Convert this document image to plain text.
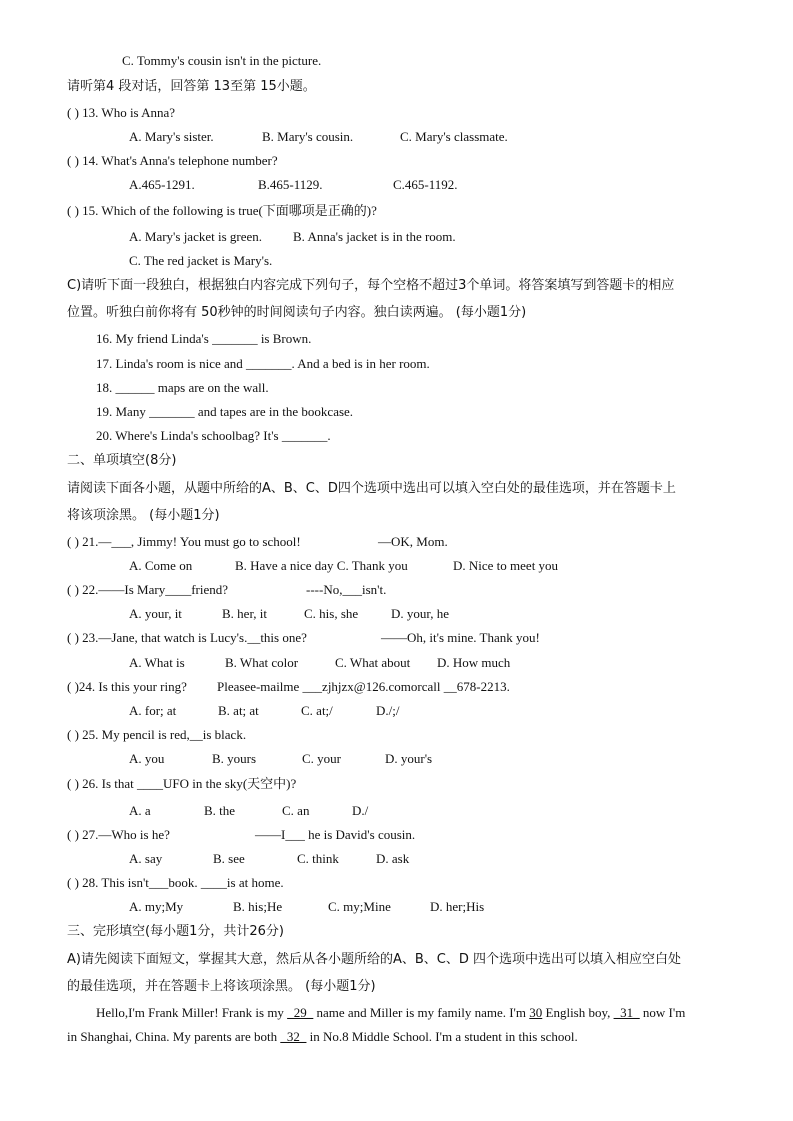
C. Tommy's cousin isn't in the picture.
请听第4 段对话，回答第 13至第 15小题。
( ) 13. Who is Anna?
A. Mary's sister.	B. Mary's cousin.	C. Mary's classmate.
( ) 14. What's Anna's telephone number?
A.465-1291.	B.465-1129.	C.465-1192.
( ) 15. Which of the following is true(下面哪项是正确的)?
A. Mary's jacket is green. B. Anna's jacket is in the room.
C. The red jacket is Mary's.
C)请听下面一段独白，根据独白内容完成下列句子，每个空格不超过3个单词。将答案填写到答题卡的相应
位置。听独白前你将有 50秒钟的时间阅读句子内容。独白读两遍。 (每小题1分)
16. My friend Linda's _______ is Brown.
17. Linda's room is nice and _______. And a bed is in her room.
18. ______ maps are on the wall.
19. Many _______ and tapes are in the bookcase.
20. Where's Linda's schoolbag? It's _______.
二、单项填空(8分)
请阅读下面各小题，从题中所给的A、B、C、D四个选项中选出可以填入空白处的最佳选项，并在答题卡上
将该项涂黑。 (每小题1分)
( ) 21.—___, Jimmy! You must go to school!	—OK, Mom.
A. Come on	B. Have a nice day C. Thank you	D. Nice to meet you
( ) 22.——Is Mary____friend?	----No,___isn't.
A. your, it	B. her, it	C. his, she	D. your, he
( ) 23.—Jane, that watch is Lucy's.__this one?	——Oh, it's mine. Thank you!
A. What is	B. What color	C. What about D. How much
( )24. Is this your ring? Pleasee-mailme ___zjhjzx@126.comorcall __678-2213.
A. for; at	B. at; at	C. at;/	D./;/
( ) 25. My pencil is red,__is black.
A. you	B. yours	C. your	D. your's
( ) 26. Is that ____UFO in the sky(天空中)?
A. a	B. the	C. an	D./
( ) 27.—Who is he?	——I___ he is David's cousin.
A. say	B. see	C. think	D. ask
( ) 28. This isn't___book. ____is at home.
A. my;My	B. his;He	C. my;Mine	D. her;His
三、完形填空(每小题1分，共计26分)
A)请先阅读下面短文，掌握其大意，然后从各小题所给的A、B、C、D 四个选项中选出可以填入相应空白处
的最佳选项，并在答题卡上将该项涂黑。 (每小题1分)
Hello,I'm Frank Miller! Frank is my _29_ name and Miller is my family name. I'm 30 English boy, _31_ now I'm
in Shanghai, China. My parents are both _32_ in No.8 Middle School. I'm a student in this school.
